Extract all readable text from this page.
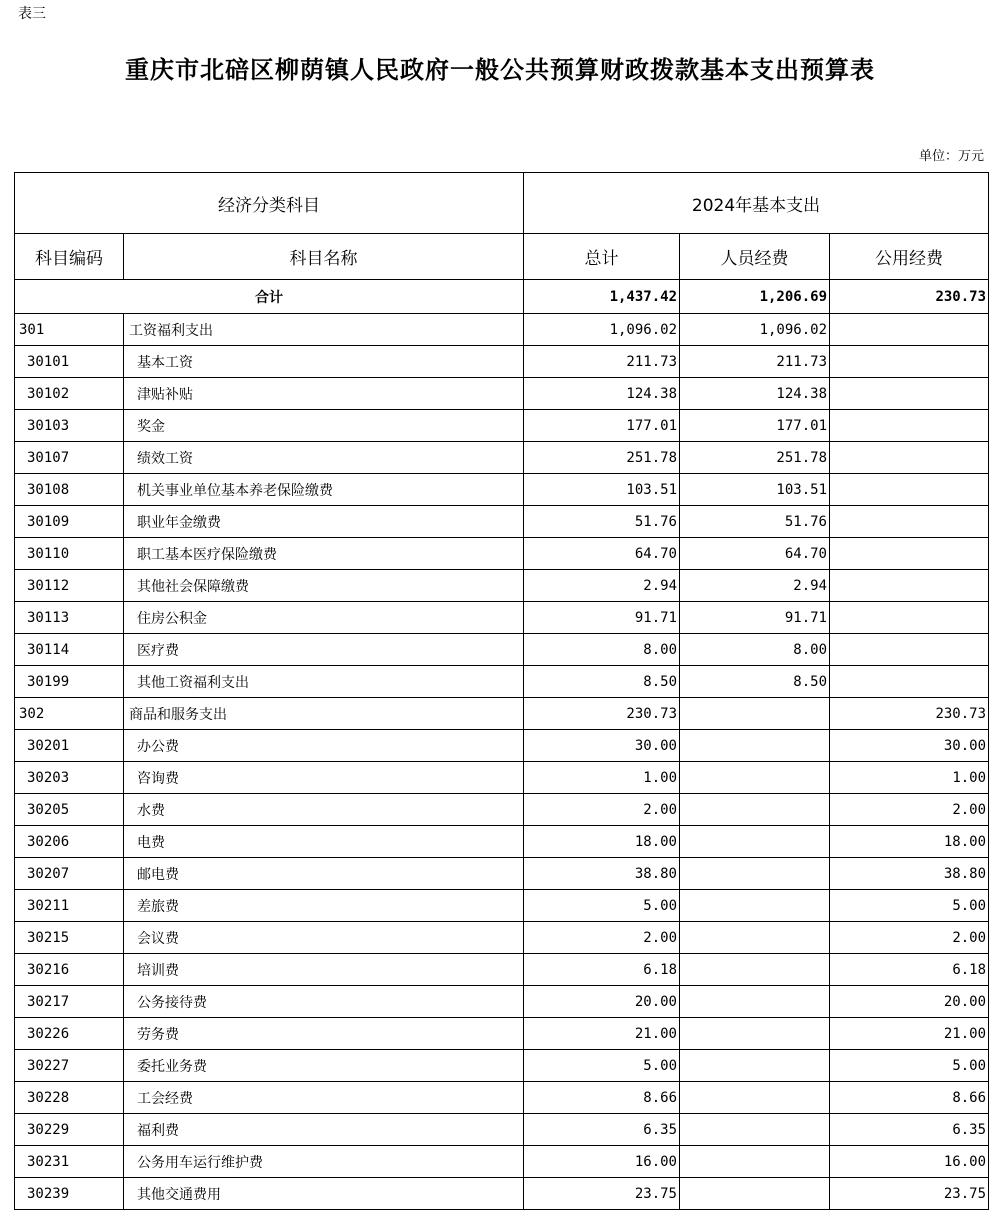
表三
重庆市北碚区柳荫镇人民政府一般公共预算财政拨款基本支出预算表
单位：万元
经济分类科目		2024年基本支出		
科目编码	科目名称	总计	人员经费	公用经费
合计		1,437.42	1,206.69	230.73
301	工资福利支出	1,096.02	1,096.02	
30101	基本工资	211.73	211.73	
30102	津贴补贴	124.38	124.38	
30103	奖金	177.01	177.01	
30107	绩效工资	251.78	251.78	
30108	机关事业单位基本养老保险缴费	103.51	103.51	
30109	职业年金缴费	51.76	51.76	
30110	职工基本医疗保险缴费	64.70	64.70	
30112	其他社会保障缴费	2.94	2.94	
30113	住房公积金	91.71	91.71	
30114	医疗费	8.00	8.00	
30199	其他工资福利支出	8.50	8.50	
302	商品和服务支出	230.73		230.73
30201	办公费	30.00		30.00
30203	咨询费	1.00		1.00
30205	水费	2.00		2.00
30206	电费	18.00		18.00
30207	邮电费	38.80		38.80
30211	差旅费	5.00		5.00
30215	会议费	2.00		2.00
30216	培训费	6.18		6.18
30217	公务接待费	20.00		20.00
30226	劳务费	21.00		21.00
30227	委托业务费	5.00		5.00
30228	工会经费	8.66		8.66
30229	福利费	6.35		6.35
30231	公务用车运行维护费	16.00		16.00
30239	其他交通费用	23.75		23.75
